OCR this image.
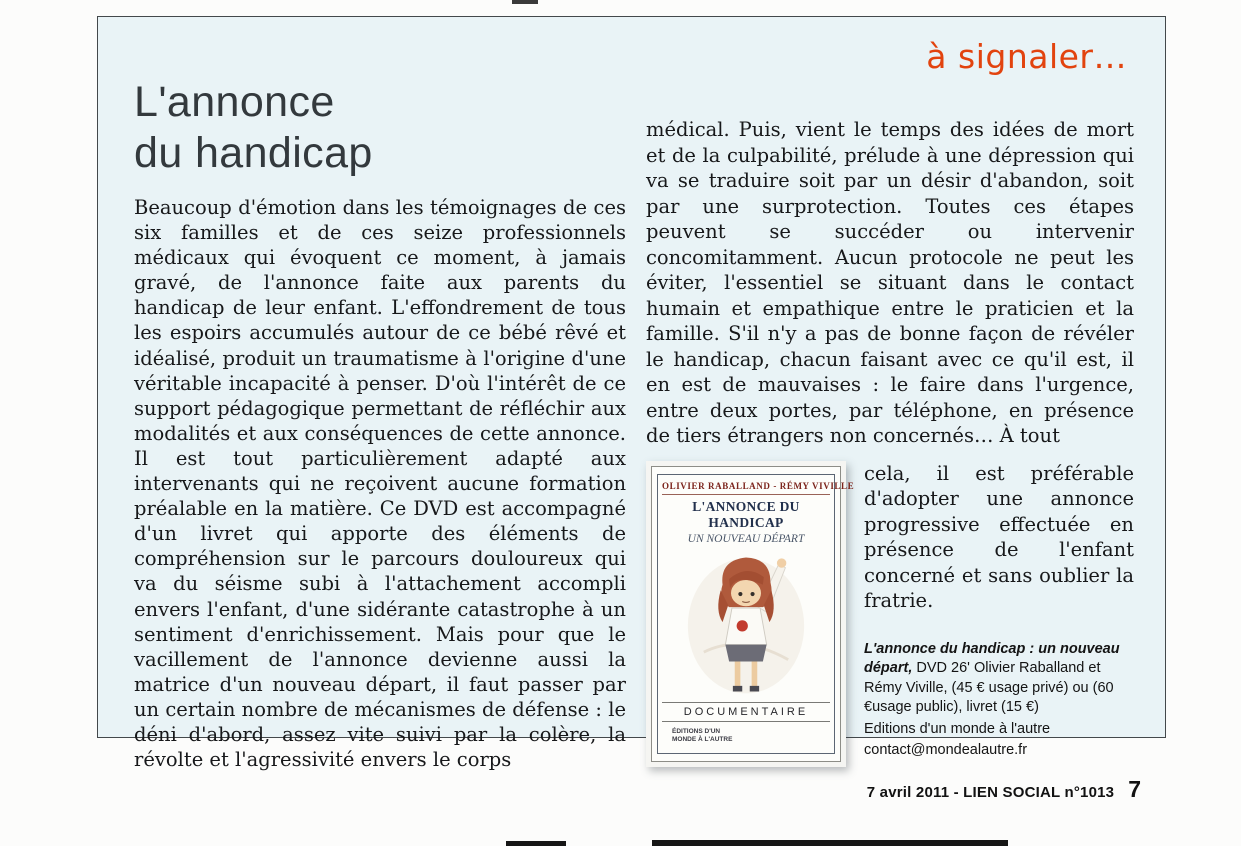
à signaler…
L'annonce
du handicap

Beaucoup d'émotion dans les témoignages de ces six familles et de ces seize professionnels médicaux qui évoquent ce moment, à jamais gravé, de l'annonce faite aux parents du handicap de leur enfant. L'effondrement de tous les espoirs accumulés autour de ce bébé rêvé et idéalisé, produit un traumatisme à l'origine d'une véritable incapacité à penser. D'où l'intérêt de ce support pédagogique permettant de réfléchir aux modalités et aux conséquences de cette annonce. Il est tout particulièrement adapté aux intervenants qui ne reçoivent aucune formation préalable en la matière. Ce DVD est accompagné d'un livret qui apporte des éléments de compréhension sur le parcours douloureux qui va du séisme subi à l'attachement accompli envers l'enfant, d'une sidérante catastrophe à un sentiment d'enrichissement. Mais pour que le vacillement de l'annonce devienne aussi la matrice d'un nouveau départ, il faut passer par un certain nombre de mécanismes de défense : le déni d'abord, assez vite suivi par la colère, la révolte et l'agressivité envers le corps

médical. Puis, vient le temps des idées de mort et de la culpabilité, prélude à une dépression qui va se traduire soit par un désir d'abandon, soit par une surprotection. Toutes ces étapes peuvent se succéder ou intervenir concomitamment. Aucun protocole ne peut les éviter, l'essentiel se situant dans le contact humain et empathique entre le praticien et la famille. S'il n'y a pas de bonne façon de révéler le handicap, chacun faisant avec ce qu'il est, il en est de mauvaises : le faire dans l'urgence, entre deux portes, par téléphone, en présence de tiers étrangers non concernés… À tout

OLIVIER RABALLAND - RÉMY VIVILLE
L'ANNONCE DU HANDICAP
UN NOUVEAU DÉPART
DOCUMENTAIRE
ÉDITIONS D'UN MONDE À L'AUTRE

cela, il est préférable d'adopter une annonce progressive effectuée en présence de l'enfant concerné et sans oublier la fratrie.

L'annonce du handicap : un nouveau départ, DVD 26' Olivier Raballand et Rémy Viville, (45 € usage privé) ou (60 €usage public), livret (15 €)
Editions d'un monde à l'autre
contact@mondealautre.fr
7 avril 2011 - LIEN SOCIAL n°1013 7
